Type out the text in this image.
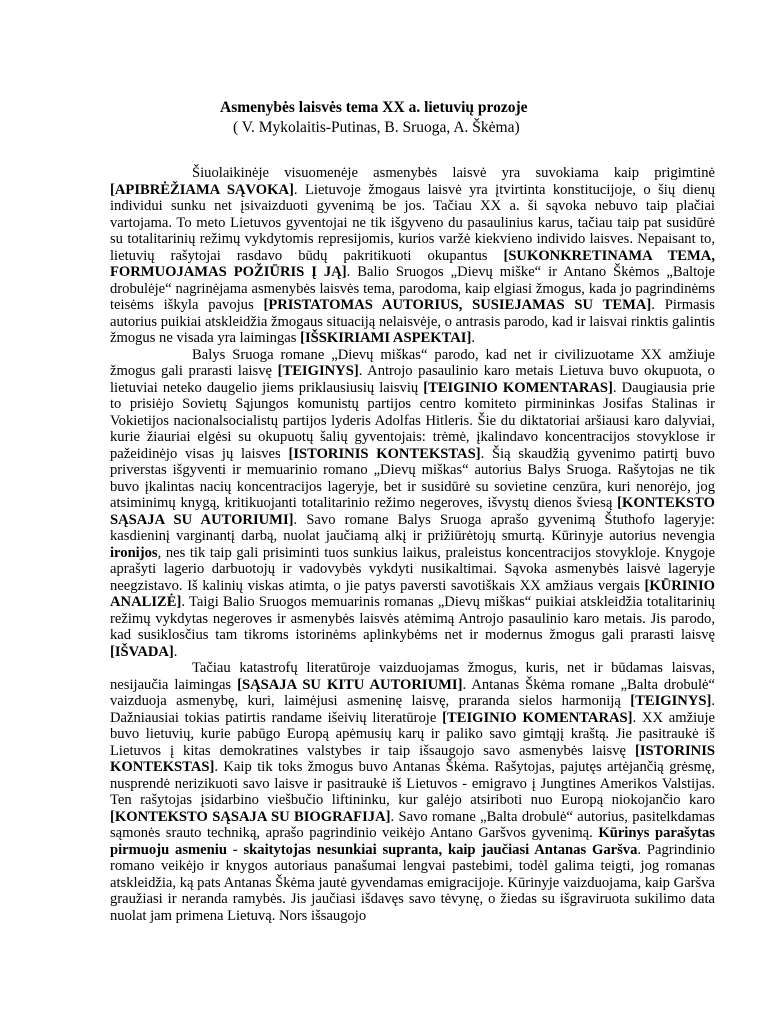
Asmenybės laisvės tema XX a. lietuvių prozoje

( V. Mykolaitis-Putinas, B. Sruoga, A. Škėma)

Šiuolaikinėje visuomenėje asmenybės laisvė yra suvokiama kaip prigimtinė [APIBRĖŽIAMA SĄVOKA]. Lietuvoje žmogaus laisvė yra įtvirtinta konstitucijoje, o šių dienų individui sunku net įsivaizduoti gyvenimą be jos. Tačiau XX a. ši sąvoka nebuvo taip plačiai vartojama. To meto Lietuvos gyventojai ne tik išgyveno du pasaulinius karus, tačiau taip pat susidūrė su totalitarinių režimų vykdytomis represijomis, kurios varžė kiekvieno individo laisves. Nepaisant to, lietuvių rašytojai rasdavo būdų pakritikuoti okupantus [SUKONKRETINAMA TEMA, FORMUOJAMAS POŽIŪRIS Į JĄ]. Balio Sruogos „Dievų miške“ ir Antano Škėmos „Baltoje drobulėje“ nagrinėjama asmenybės laisvės tema, parodoma, kaip elgiasi žmogus, kada jo pagrindinėms teisėms iškyla pavojus [PRISTATOMAS AUTORIUS, SUSIEJAMAS SU TEMA]. Pirmasis autorius puikiai atskleidžia žmogaus situaciją nelaisvėje, o antrasis parodo, kad ir laisvai rinktis galintis žmogus ne visada yra laimingas [IŠSKIRIAMI ASPEKTAI].

Balys Sruoga romane „Dievų miškas“ parodo, kad net ir civilizuotame XX amžiuje žmogus gali prarasti laisvę [TEIGINYS]. Antrojo pasaulinio karo metais Lietuva buvo okupuota, o lietuviai neteko daugelio jiems priklausiusių laisvių [TEIGINIO KOMENTARAS]. Daugiausia prie to prisiėjo Sovietų Sąjungos komunistų partijos centro komiteto pirmininkas Josifas Stalinas ir Vokietijos nacionalsocialistų partijos lyderis Adolfas Hitleris. Šie du diktatoriai aršiausi karo dalyviai, kurie žiauriai elgėsi su okupuotų šalių gyventojais: trėmė, įkalindavo koncentracijos stovyklose ir pažeidinėjo visas jų laisves [ISTORINIS KONTEKSTAS]. Šią skaudžią gyvenimo patirtį buvo priverstas išgyventi ir memuarinio romano „Dievų miškas“ autorius Balys Sruoga. Rašytojas ne tik buvo įkalintas nacių koncentracijos lageryje, bet ir susidūrė su sovietine cenzūra, kuri nenorėjo, jog atsiminimų knygą, kritikuojanti totalitarinio režimo negeroves, išvystų dienos šviesą [KONTEKSTO SĄSAJA SU AUTORIUMI]. Savo romane Balys Sruoga aprašo gyvenimą Štuthofo lageryje: kasdieninį varginantį darbą, nuolat jaučiamą alkį ir prižiūrėtojų smurtą. Kūrinyje autorius nevengia ironijos, nes tik taip gali prisiminti tuos sunkius laikus, praleistus koncentracijos stovykloje. Knygoje aprašyti lagerio darbuotojų ir vadovybės vykdyti nusikaltimai. Sąvoka asmenybės laisvė lageryje neegzistavo. Iš kalinių viskas atimta, o jie patys paversti savotiškais XX amžiaus vergais [KŪRINIO ANALIZĖ]. Taigi Balio Sruogos memuarinis romanas „Dievų miškas“ puikiai atskleidžia totalitarinių režimų vykdytas negeroves ir asmenybės laisvės atėmimą Antrojo pasaulinio karo metais. Jis parodo, kad susiklosčius tam tikroms istorinėms aplinkybėms net ir modernus žmogus gali prarasti laisvę [IŠVADA].

Tačiau katastrofų literatūroje vaizduojamas žmogus, kuris, net ir būdamas laisvas, nesijaučia laimingas [SĄSAJA SU KITU AUTORIUMI]. Antanas Škėma romane „Balta drobulė“ vaizduoja asmenybę, kuri, laimėjusi asmeninę laisvę, praranda sielos harmoniją [TEIGINYS]. Dažniausiai tokias patirtis randame išeivių literatūroje [TEIGINIO KOMENTARAS]. XX amžiuje buvo lietuvių, kurie pabūgo Europą apėmusių karų ir paliko savo gimtąjį kraštą. Jie pasitraukė iš Lietuvos į kitas demokratines valstybes ir taip išsaugojo savo asmenybės laisvę [ISTORINIS KONTEKSTAS]. Kaip tik toks žmogus buvo Antanas Škėma. Rašytojas, pajutęs artėjančią grėsmę, nusprendė nerizikuoti savo laisve ir pasitraukė iš Lietuvos - emigravo į Jungtines Amerikos Valstijas. Ten rašytojas įsidarbino viešbučio liftininku, kur galėjo atsiriboti nuo Europą niokojančio karo [KONTEKSTO SĄSAJA SU BIOGRAFIJA]. Savo romane „Balta drobulė“ autorius, pasitelkdamas sąmonės srauto techniką, aprašo pagrindinio veikėjo Antano Garšvos gyvenimą. Kūrinys parašytas pirmuoju asmeniu - skaitytojas nesunkiai supranta, kaip jaučiasi Antanas Garšva. Pagrindinio romano veikėjo ir knygos autoriaus panašumai lengvai pastebimi, todėl galima teigti, jog romanas atskleidžia, ką pats Antanas Škėma jautė gyvendamas emigracijoje. Kūrinyje vaizduojama, kaip Garšva graužiasi ir neranda ramybės. Jis jaučiasi išdavęs savo tėvynę, o žiedas su išgraviruota sukilimo data nuolat jam primena Lietuvą. Nors išsaugojo
